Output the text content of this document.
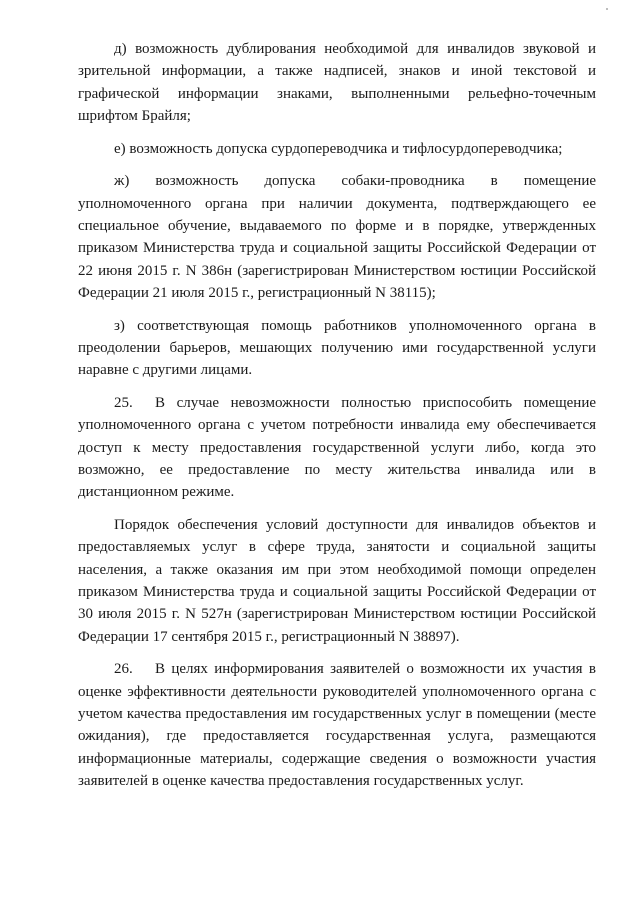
д) возможность дублирования необходимой для инвалидов звуковой и зрительной информации, а также надписей, знаков и иной текстовой и графической информации знаками, выполненными рельефно-точечным шрифтом Брайля;

е) возможность допуска сурдопереводчика и тифлосурдопереводчика;

ж) возможность допуска собаки-проводника в помещение уполномоченного органа при наличии документа, подтверждающего ее специальное обучение, выдаваемого по форме и в порядке, утвержденных приказом Министерства труда и социальной защиты Российской Федерации от 22 июня 2015 г. N 386н (зарегистрирован Министерством юстиции Российской Федерации 21 июля 2015 г., регистрационный N 38115);

з) соответствующая помощь работников уполномоченного органа в преодолении барьеров, мешающих получению ими государственной услуги наравне с другими лицами.

25. В случае невозможности полностью приспособить помещение уполномоченного органа с учетом потребности инвалида ему обеспечивается доступ к месту предоставления государственной услуги либо, когда это возможно, ее предоставление по месту жительства инвалида или в дистанционном режиме.

Порядок обеспечения условий доступности для инвалидов объектов и предоставляемых услуг в сфере труда, занятости и социальной защиты населения, а также оказания им при этом необходимой помощи определен приказом Министерства труда и социальной защиты Российской Федерации от 30 июля 2015 г. N 527н (зарегистрирован Министерством юстиции Российской Федерации 17 сентября 2015 г., регистрационный N 38897).

26. В целях информирования заявителей о возможности их участия в оценке эффективности деятельности руководителей уполномоченного органа с учетом качества предоставления им государственных услуг в помещении (месте ожидания), где предоставляется государственная услуга, размещаются информационные материалы, содержащие сведения о возможности участия заявителей в оценке качества предоставления государственных услуг.
